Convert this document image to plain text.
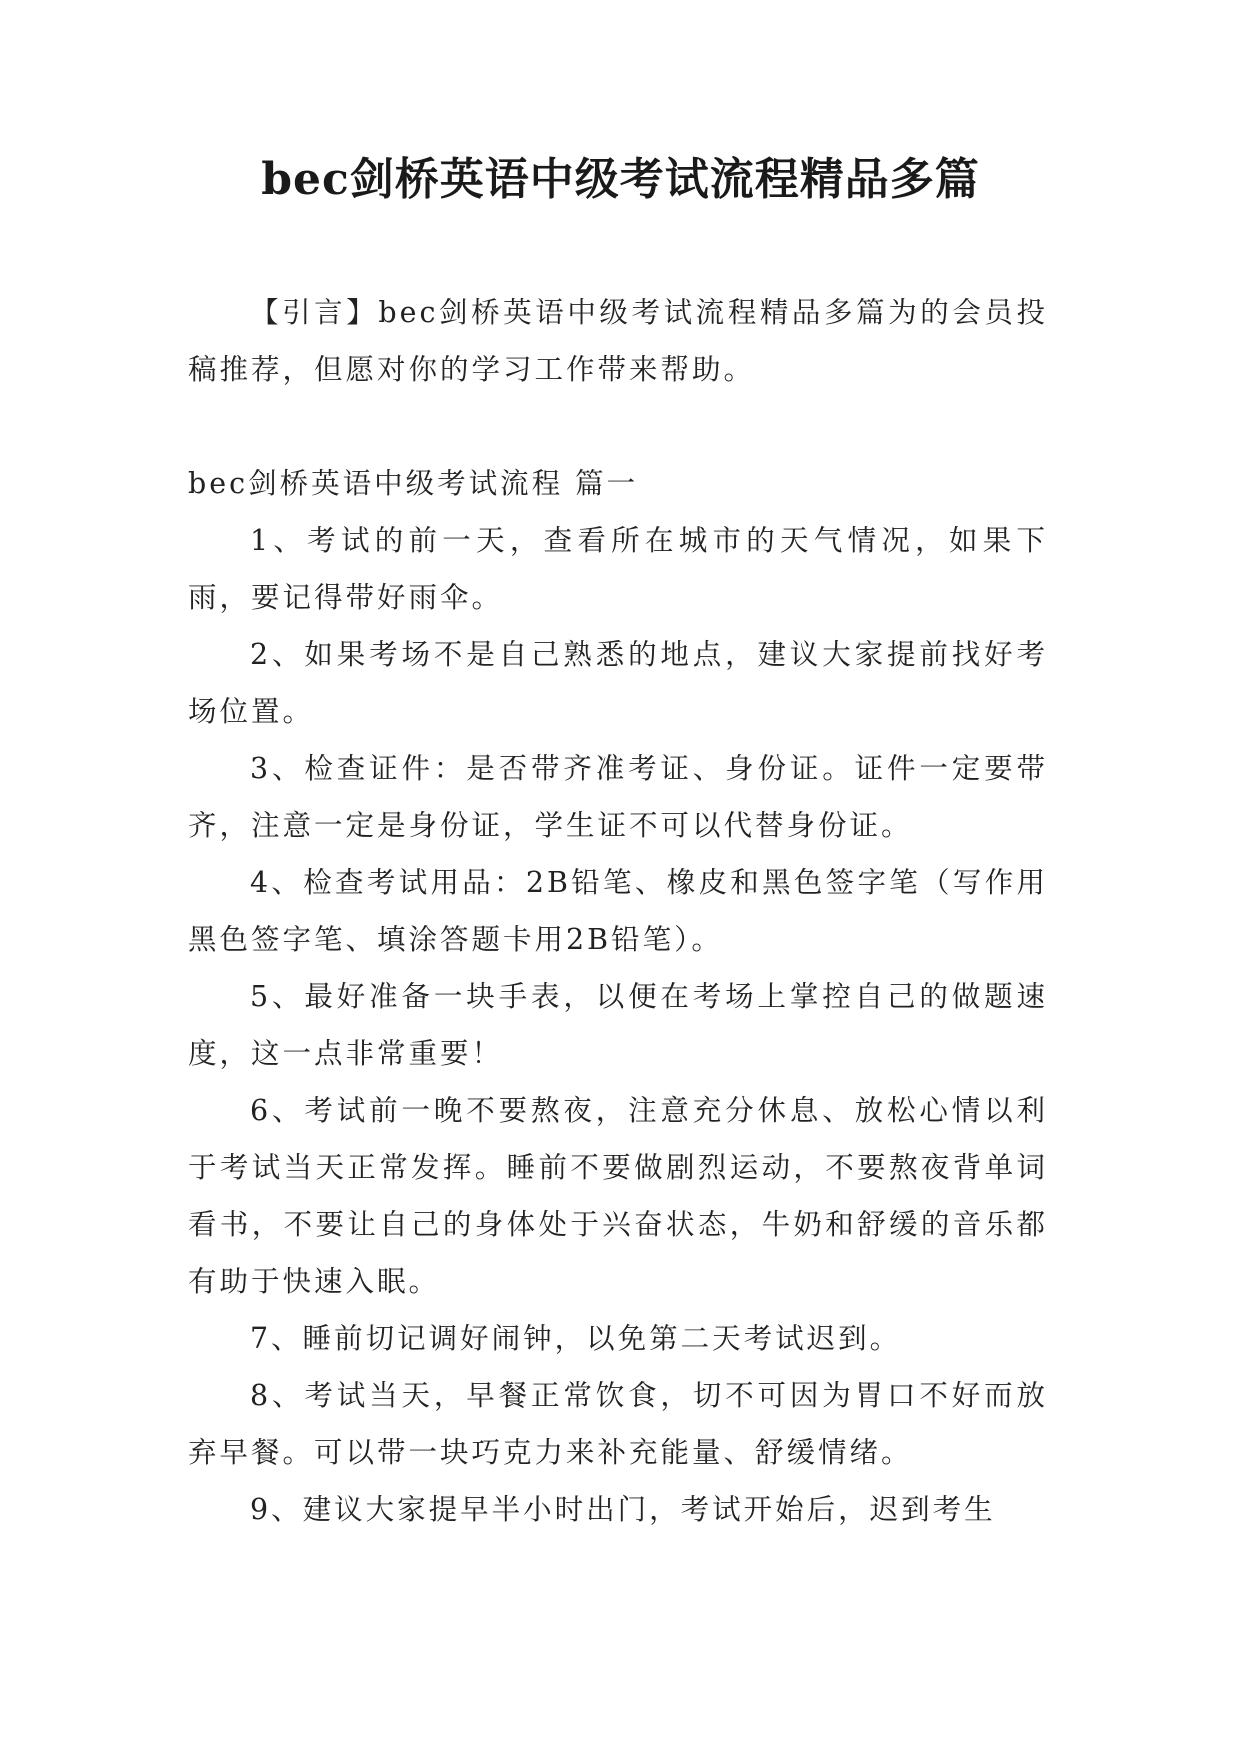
bec剑桥英语中级考试流程精品多篇

【引言】bec剑桥英语中级考试流程精品多篇为的会员投稿推荐，但愿对你的学习工作带来帮助。

bec剑桥英语中级考试流程 篇一

1、考试的前一天，查看所在城市的天气情况，如果下雨，要记得带好雨伞。

2、如果考场不是自己熟悉的地点，建议大家提前找好考场位置。

3、检查证件：是否带齐准考证、身份证。证件一定要带齐，注意一定是身份证，学生证不可以代替身份证。

4、检查考试用品：2B铅笔、橡皮和黑色签字笔（写作用黑色签字笔、填涂答题卡用2B铅笔）。

5、最好准备一块手表，以便在考场上掌控自己的做题速度，这一点非常重要！

6、考试前一晚不要熬夜，注意充分休息、放松心情以利于考试当天正常发挥。睡前不要做剧烈运动，不要熬夜背单词看书，不要让自己的身体处于兴奋状态，牛奶和舒缓的音乐都有助于快速入眠。

7、睡前切记调好闹钟，以免第二天考试迟到。

8、考试当天，早餐正常饮食，切不可因为胃口不好而放弃早餐。可以带一块巧克力来补充能量、舒缓情绪。

9、建议大家提早半小时出门，考试开始后，迟到考生
